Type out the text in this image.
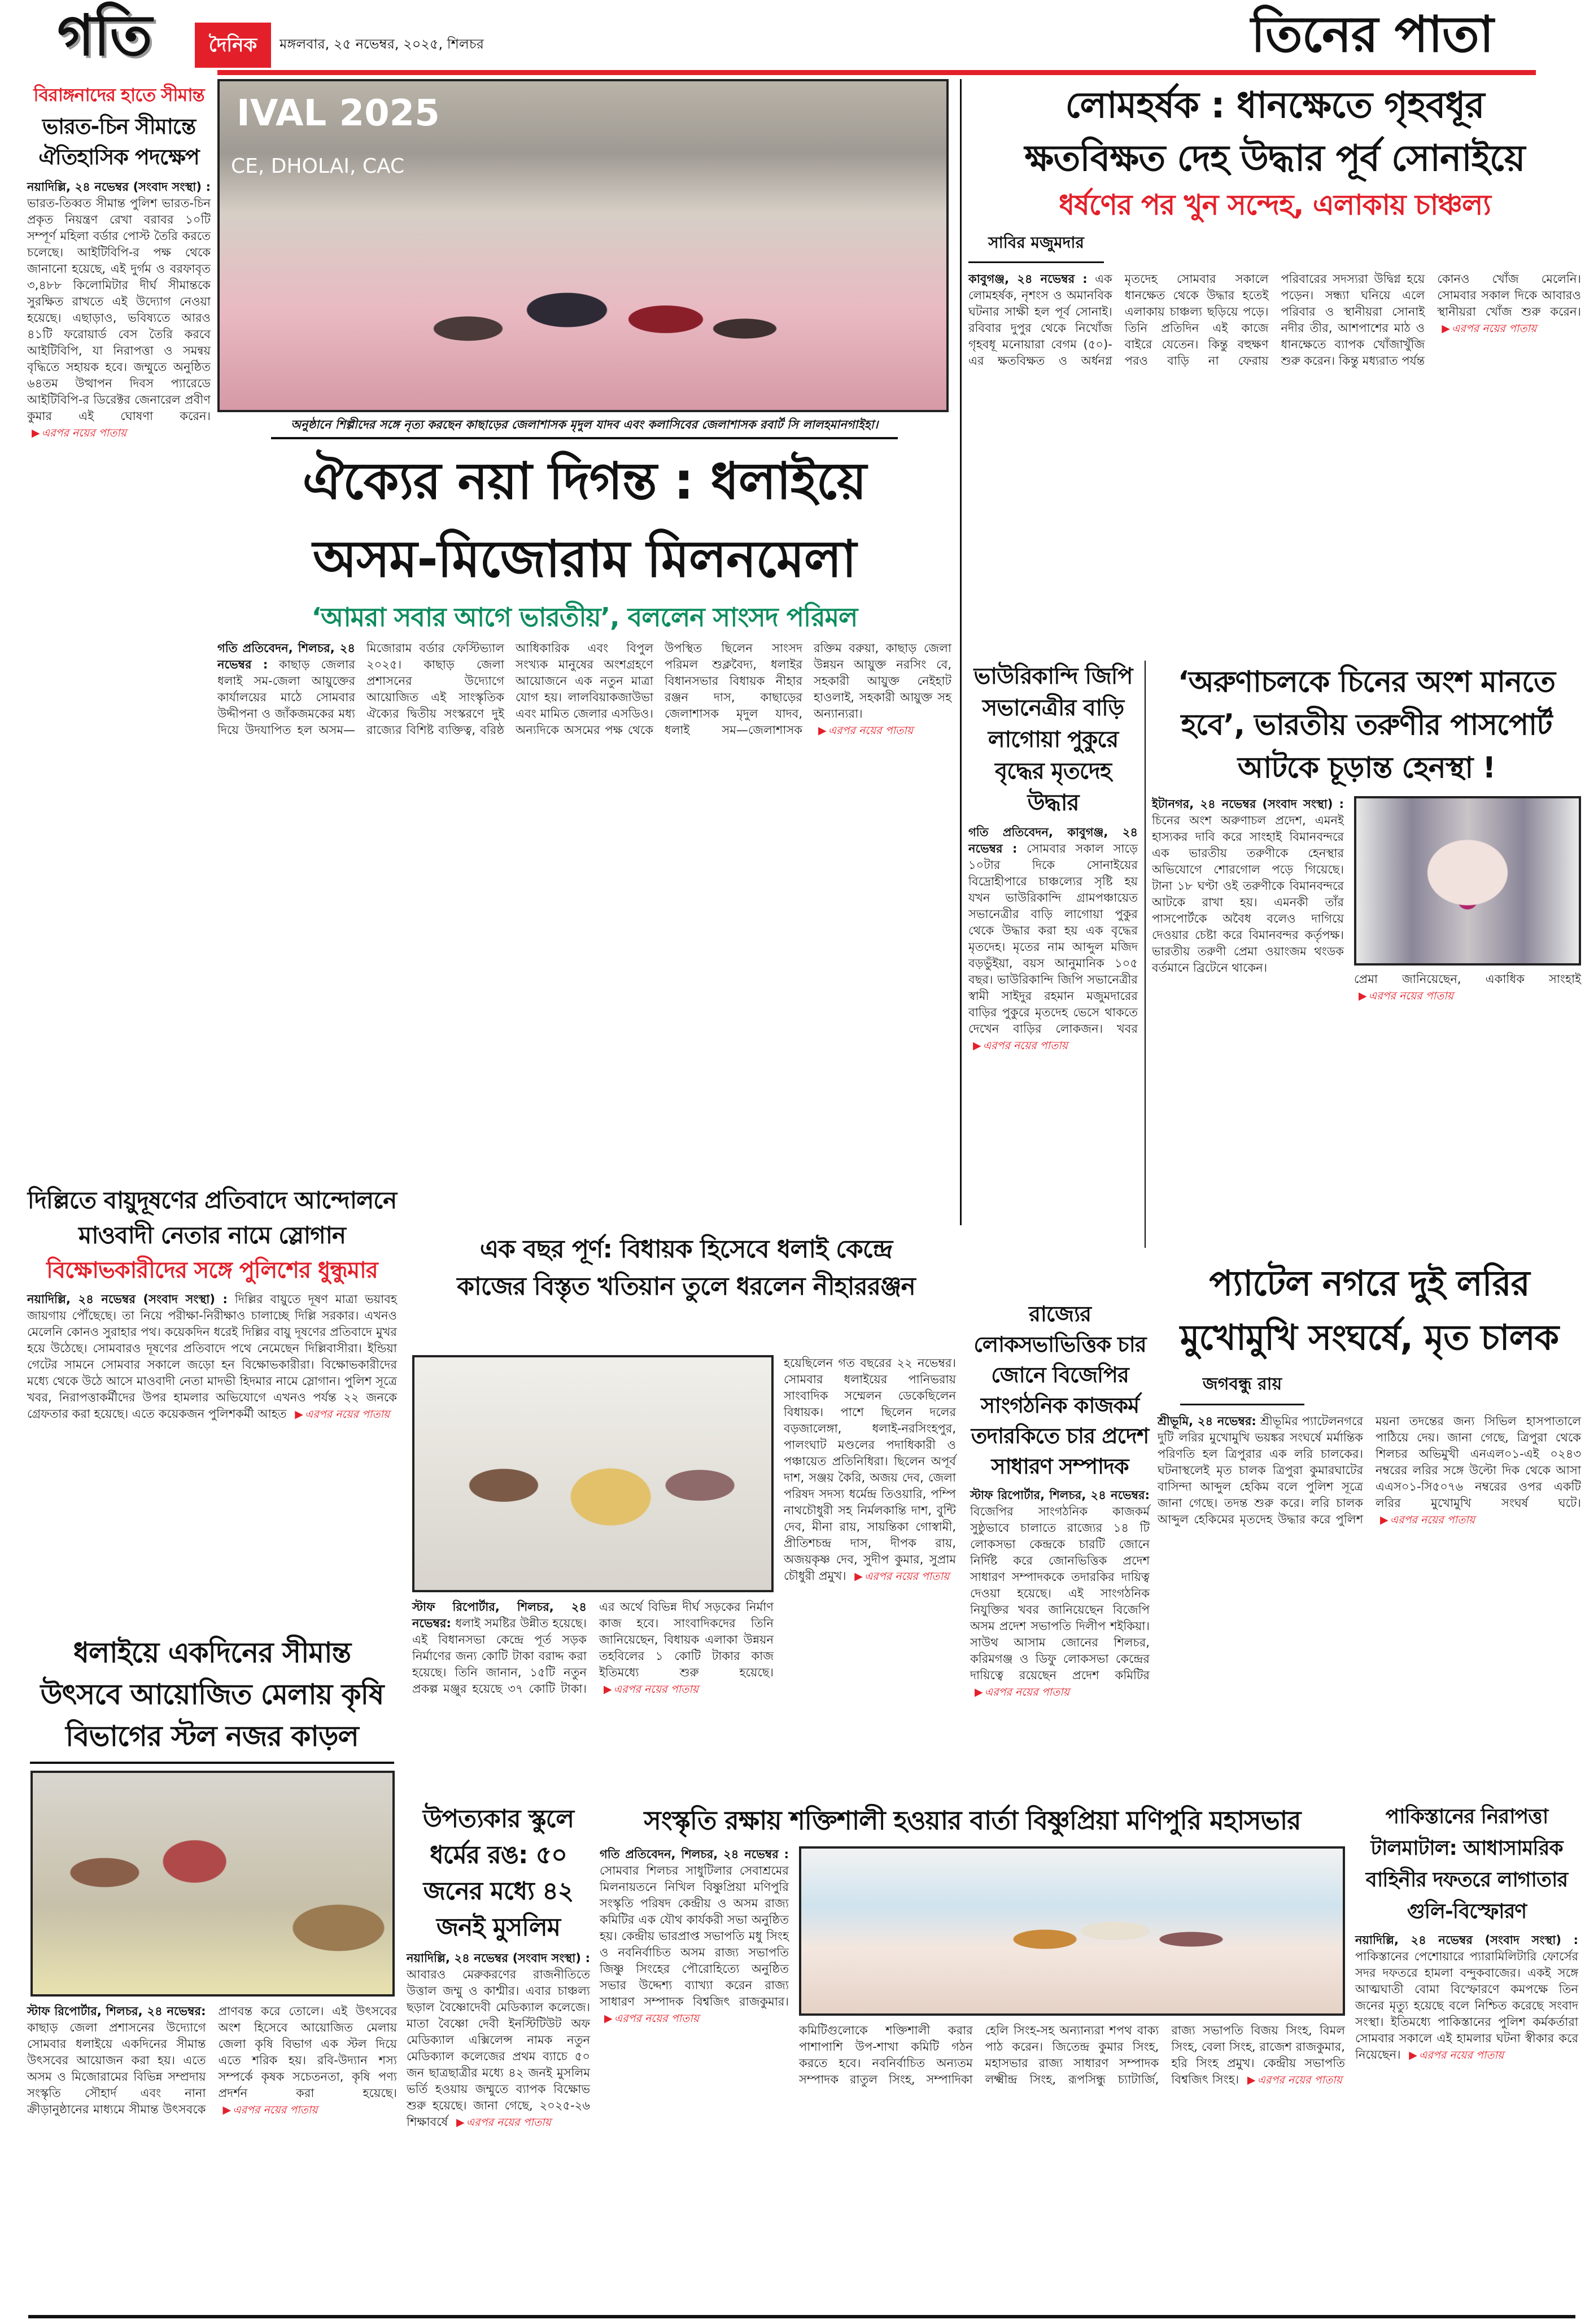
গতি	দৈনিক	মঙ্গলবার, ২৫ নভেম্বর, ২০২৫, শিলচর	তিনের পাতা
বিরাঙ্গনাদের হাতে সীমান্ত
ভারত-চিন সীমান্তে
ঐতিহাসিক পদক্ষেপ
নয়াদিল্লি, ২৪ নভেম্বর (সংবাদ সংস্থা) : ভারত-তিব্বত সীমান্ত পুলিশ ভারত-চিন প্রকৃত নিয়ন্ত্রণ রেখা বরাবর ১০টি সম্পূর্ণ মহিলা বর্ডার পোস্ট তৈরি করতে চলেছে। আইটিবিপি-র পক্ষ থেকে জানানো হয়েছে, এই দুর্গম ও বরফাবৃত ৩,৪৮৮ কিলোমিটার দীর্ঘ সীমান্তকে সুরক্ষিত রাখতে এই উদ্যোগ নেওয়া হয়েছে। এছাড়াও, ভবিষ্যতে আরও ৪১টি ফরোয়ার্ড বেস তৈরি করবে আইটিবিপি, যা নিরাপত্তা ও সমন্বয় বৃদ্ধিতে সহায়ক হবে। জম্মুতে অনুষ্ঠিত ৬৪তম উত্থাপন দিবস প্যারেডে আইটিবিপি-র ডিরেক্টর জেনারেল প্রবীণ কুমার এই ঘোষণা করেন। ▶ এরপর নয়ের পাতায়
IVAL 2025
CE, DHOLAI, CAC
অনুষ্ঠানে শিল্পীদের সঙ্গে নৃত্য করছেন কাছাড়ের জেলাশাসক মৃদুল যাদব এবং কলাসিবের জেলাশাসক রবার্ট সি লালহমানগাইহা।
ঐক্যের নয়া দিগন্ত : ধলাইয়ে
অসম-মিজোরাম মিলনমেলা
‘আমরা সবার আগে ভারতীয়’, বললেন সাংসদ পরিমল
গতি প্রতিবেদন, শিলচর, ২৪ নভেম্বর : কাছাড় জেলার ধলাই সম-জেলা আয়ুক্তের কার্যালয়ের মাঠে সোমবার উদ্দীপনা ও জাঁকজমকের মধ্য দিয়ে উদযাপিত হল অসম—মিজোরাম বর্ডার ফেস্টিভ্যাল ২০২৫। কাছাড় জেলা প্রশাসনের উদ্যোগে আয়োজিত এই সাংস্কৃতিক ঐক্যের দ্বিতীয় সংস্করণে দুই রাজ্যের বিশিষ্ট ব্যক্তিত্ব, বরিষ্ঠ আধিকারিক এবং বিপুল সংখ্যক মানুষের অংশগ্রহণে আয়োজনে এক নতুন মাত্রা যোগ হয়। লালবিয়াকজাউভা এবং মামিত জেলার এসডিও। অন্যদিকে অসমের পক্ষ থেকে উপস্থিত ছিলেন সাংসদ পরিমল শুক্লবৈদ্য, ধলাইর বিধানসভার বিধায়ক নীহার রঞ্জন দাস, কাছাড়ের জেলাশাসক মৃদুল যাদব, ধলাই সম—জেলাশাসক রক্তিম বরুয়া, কাছাড় জেলা উন্নয়ন আয়ুক্ত নরসিং বে, সহকারী আয়ুক্ত নেইহাট হাওলাই, সহকারী আয়ুক্ত সহ অন্যান্যরা। ▶ এরপর নয়ের পাতায়
লোমহর্ষক : ধানক্ষেতে গৃহবধূর
ক্ষতবিক্ষত দেহ উদ্ধার পূর্ব সোনাইয়ে
ধর্ষণের পর খুন সন্দেহ, এলাকায় চাঞ্চল্য
সাবির মজুমদার
কাবুগঞ্জ, ২৪ নভেম্বর : এক লোমহর্ষক, নৃশংস ও অমানবিক ঘটনার সাক্ষী হল পূর্ব সোনাই। রবিবার দুপুর থেকে নিখোঁজ গৃহবধূ মনোয়ারা বেগম (৫০)-এর ক্ষতবিক্ষত ও অর্ধনগ্ন মৃতদেহ সোমবার সকালে ধানক্ষেত থেকে উদ্ধার হতেই এলাকায় চাঞ্চল্য ছড়িয়ে পড়ে। তিনি প্রতিদিন এই কাজে বাইরে যেতেন। কিন্তু বহুক্ষণ পরও বাড়ি না ফেরায় পরিবারের সদস্যরা উদ্বিগ্ন হয়ে পড়েন। সন্ধ্যা ঘনিয়ে এলে পরিবার ও স্থানীয়রা সোনাই নদীর তীর, আশপাশের মাঠ ও ধানক্ষেতে ব্যাপক খোঁজাখুঁজি শুরু করেন। কিন্তু মধ্যরাত পর্যন্ত কোনও খোঁজ মেলেনি। সোমবার সকাল দিকে আবারও স্থানীয়রা খোঁজ শুরু করেন। ▶ এরপর নয়ের পাতায়
ভাউরিকান্দি জিপি সভানেত্রীর বাড়ি লাগোয়া পুকুরে বৃদ্ধের মৃতদেহ উদ্ধার
গতি প্রতিবেদন, কাবুগঞ্জ, ২৪ নভেম্বর : সোমবার সকাল সাড়ে ১০টার দিকে সোনাইয়ের বিদ্রোহীপারে চাঞ্চল্যের সৃষ্টি হয় যখন ভাউরিকান্দি গ্রামপঞ্চায়েত সভানেত্রীর বাড়ি লাগোয়া পুকুর থেকে উদ্ধার করা হয় এক বৃদ্ধের মৃতদেহ। মৃতের নাম আব্দুল মজিদ বড়ভুঁইয়া, বয়স আনুমানিক ১০৫ বছর। ভাউরিকান্দি জিপি সভানেত্রীর স্বামী সাইদুর রহমান মজুমদারের বাড়ির পুকুরে মৃতদেহ ভেসে থাকতে দেখেন বাড়ির লোকজন। খবর ▶ এরপর নয়ের পাতায়
‘অরুণাচলকে চিনের অংশ মানতে হবে’, ভারতীয় তরুণীর পাসপোর্ট আটকে চূড়ান্ত হেনস্থা !
ইটানগর, ২৪ নভেম্বর (সংবাদ সংস্থা) : চিনের অংশ অরুণাচল প্রদেশ, এমনই হাস্যকর দাবি করে সাংহাই বিমানবন্দরে এক ভারতীয় তরুণীকে হেনস্থার অভিযোগে শোরগোল পড়ে গিয়েছে। টানা ১৮ ঘণ্টা ওই তরুণীকে বিমানবন্দরে আটকে রাখা হয়। এমনকী তাঁর পাসপোর্টকে অবৈধ বলেও দাগিয়ে দেওয়ার চেষ্টা করে বিমানবন্দর কর্তৃপক্ষ। ভারতীয় তরুণী প্রেমা ওয়াংজম থংডক বর্তমানে ব্রিটেনে থাকেন।
প্রেমা জানিয়েছেন, একাধিক সাংহাই ▶ এরপর নয়ের পাতায়
প্যাটেল নগরে দুই লরির
মুখোমুখি সংঘর্ষে, মৃত চালক
জগবন্ধু রায়
শ্রীভূমি, ২৪ নভেম্বর: শ্রীভূমির প্যাটেলনগরে দুটি লরির মুখোমুখি ভয়ঙ্কর সংঘর্ষে মর্মান্তিক পরিণতি হল ত্রিপুরার এক লরি চালকের। ঘটনাস্থলেই মৃত চালক ত্রিপুরা কুমারঘাটের বাসিন্দা আব্দুল হেকিম বলে পুলিশ সূত্রে জানা গেছে। তদন্ত শুরু করে। লরি চালক আব্দুল হেকিমের মৃতদেহ উদ্ধার করে পুলিশ ময়না তদন্তের জন্য সিভিল হাসপাতালে পাঠিয়ে দেয়। জানা গেছে, ত্রিপুরা থেকে শিলচর অভিমুখী এনএল০১-এই ০২৪৩ নম্বরের লরির সঙ্গে উল্টো দিক থেকে আসা এএস০১-সি৫০৭৬ নম্বরের ওপর একটি লরির মুখোমুখি সংঘর্ষ ঘটে। ▶ এরপর নয়ের পাতায়
রাজ্যের লোকসভাভিত্তিক চার জোনে বিজেপির সাংগঠনিক কাজকর্ম তদারকিতে চার প্রদেশ সাধারণ সম্পাদক
স্টাফ রিপোর্টার, শিলচর, ২৪ নভেম্বর: বিজেপির সাংগঠনিক কাজকর্ম সুষ্ঠুভাবে চালাতে রাজ্যের ১৪ টি লোকসভা কেন্দ্রকে চারটি জোনে নির্দিষ্ট করে জোনভিত্তিক প্রদেশ সাধারণ সম্পাদককে তদারকির দায়িত্ব দেওয়া হয়েছে। এই সাংগঠনিক নিযুক্তির খবর জানিয়েছেন বিজেপি অসম প্রদেশ সভাপতি দিলীপ শইকিয়া। সাউথ আসাম জোনের শিলচর, করিমগঞ্জ ও ডিফু লোকসভা কেন্দ্রের দায়িত্বে রয়েছেন প্রদেশ কমিটির ▶ এরপর নয়ের পাতায়
দিল্লিতে বায়ুদূষণের প্রতিবাদে আন্দোলনে
মাওবাদী নেতার নামে স্লোগান
বিক্ষোভকারীদের সঙ্গে পুলিশের ধুন্ধুমার
নয়াদিল্লি, ২৪ নভেম্বর (সংবাদ সংস্থা) : দিল্লির বায়ুতে দূষণ মাত্রা ভয়াবহ জায়গায় পৌঁছেছে। তা নিয়ে পরীক্ষা-নিরীক্ষাও চালাচ্ছে দিল্লি সরকার। এখনও মেলেনি কোনও সুরাহার পথ। কয়েকদিন ধরেই দিল্লির বায়ু দূষণের প্রতিবাদে মুখর হয়ে উঠেছে। সোমবারও দূষণের প্রতিবাদে পথে নেমেছেন দিল্লিবাসীরা। ইন্ডিয়া গেটের সামনে সোমবার সকালে জড়ো হন বিক্ষোভকারীরা। বিক্ষোভকারীদের মধ্যে থেকে উঠে আসে মাওবাদী নেতা মাদভী হিদমার নামে স্লোগান। পুলিশ সূত্রে খবর, নিরাপত্তাকর্মীদের উপর হামলার অভিযোগে এখনও পর্যন্ত ২২ জনকে গ্রেফতার করা হয়েছে। এতে কয়েকজন পুলিশকর্মী আহত ▶ এরপর নয়ের পাতায়
এক বছর পূর্ণ: বিধায়ক হিসেবে ধলাই কেন্দ্রে
কাজের বিস্তৃত খতিয়ান তুলে ধরলেন নীহাররঞ্জন
স্টাফ রিপোর্টার, শিলচর, ২৪ নভেম্বর: ধলাই সমষ্টির উন্নীত হয়েছে। এই বিধানসভা কেন্দ্রে পূর্ত সড়ক নির্মাণের জন্য কোটি টাকা বরাদ্দ করা হয়েছে। তিনি জানান, ১৫টি নতুন প্রকল্প মঞ্জুর হয়েছে ৩৭ কোটি টাকা। এর অর্থে বিভিন্ন দীর্ঘ সড়কের নির্মাণ কাজ হবে। সাংবাদিকদের তিনি জানিয়েছেন, বিধায়ক এলাকা উন্নয়ন তহবিলের ১ কোটি টাকার কাজ ইতিমধ্যে শুরু হয়েছে। ▶ এরপর নয়ের পাতায়
হয়েছিলেন গত বছরের ২২ নভেম্বর। সোমবার ধলাইয়ের পানিভরায় সাংবাদিক সম্মেলন ডেকেছিলেন বিধায়ক। পাশে ছিলেন দলের বড়জালেঙ্গা, ধলাই-নরসিংহপুর, পালংঘাট মণ্ডলের পদাধিকারী ও পঞ্চায়েত প্রতিনিধিরা। ছিলেন অপূর্ব দাশ, সঞ্জয় কৈরি, অজয় দেব, জেলা পরিষদ সদস্য ধর্মেন্দ্র তিওয়ারি, পম্পি নাথচৌধুরী সহ নির্মলকান্তি দাশ, বুন্টি দেব, মীনা রায়, সায়ন্তিকা গোস্বামী, প্রীতিশচন্দ্র দাস, দীপক রায়, অজয়কৃষ্ণ দেব, সুদীপ কুমার, সুপ্রাম চৌধুরী প্রমুখ। ▶ এরপর নয়ের পাতায়
ধলাইয়ে একদিনের সীমান্ত
উৎসবে আয়োজিত মেলায় কৃষি
বিভাগের স্টল নজর কাড়ল
স্টাফ রিপোর্টার, শিলচর, ২৪ নভেম্বর: কাছাড় জেলা প্রশাসনের উদ্যোগে সোমবার ধলাইয়ে একদিনের সীমান্ত উৎসবের আয়োজন করা হয়। এতে অসম ও মিজোরামের বিভিন্ন সম্প্রদায় সংস্কৃতি সৌহার্দ এবং নানা ক্রীড়ানুষ্ঠানের মাধ্যমে সীমান্ত উৎসবকে প্রাণবন্ত করে তোলে। এই উৎসবের অংশ হিসেবে আয়োজিত মেলায় জেলা কৃষি বিভাগ এক স্টল দিয়ে এতে শরিক হয়। রবি-উদ্যান শস্য সম্পর্কে কৃষক সচেতনতা, কৃষি পণ্য প্রদর্শন করা হয়েছে। ▶ এরপর নয়ের পাতায়
উপত্যকার স্কুলে ধর্মের রঙ: ৫০ জনের মধ্যে ৪২ জনই মুসলিম
নয়াদিল্লি, ২৪ নভেম্বর (সংবাদ সংস্থা) : আবারও মেরুকরণের রাজনীতিতে উত্তাল জম্মু ও কাশ্মীর। এবার চাঞ্চল্য ছড়াল বৈষ্ণোদেবী মেডিক্যাল কলেজে। মাতা বৈষ্ণো দেবী ইনস্টিটিউট অফ মেডিক্যাল এক্সিলেন্স নামক নতুন মেডিক্যাল কলেজের প্রথম ব্যাচে ৫০ জন ছাত্রছাত্রীর মধ্যে ৪২ জনই মুসলিম ভর্তি হওয়ায় জম্মুতে ব্যাপক বিক্ষোভ শুরু হয়েছে। জানা গেছে, ২০২৫-২৬ শিক্ষাবর্ষে ▶ এরপর নয়ের পাতায়
সংস্কৃতি রক্ষায় শক্তিশালী হওয়ার বার্তা বিষ্ণুপ্রিয়া মণিপুরি মহাসভার
গতি প্রতিবেদন, শিলচর, ২৪ নভেম্বর : সোমবার শিলচর সাধুটিলার সেবাশ্রমের মিলনায়তনে নিখিল বিষ্ণুপ্রিয়া মণিপুরি সংস্কৃতি পরিষদ কেন্দ্রীয় ও অসম রাজ্য কমিটির এক যৌথ কার্যকরী সভা অনুষ্ঠিত হয়। কেন্দ্রীয় ভারপ্রাপ্ত সভাপতি মধু সিংহ ও নবনির্বাচিত অসম রাজ্য সভাপতি জিষ্ণু সিংহের পৌরোহিত্যে অনুষ্ঠিত সভার উদ্দেশ্য ব্যাখ্যা করেন রাজ্য সাধারণ সম্পাদক বিশ্বজিৎ রাজকুমার। ▶ এরপর নয়ের পাতায়
কমিটিগুলোকে শক্তিশালী করার পাশাপাশি উপ-শাখা কমিটি গঠন করতে হবে। নবনির্বাচিত অন্যতম সম্পাদক রাতুল সিংহ, সম্পাদিকা হেলি সিংহ-সহ অন্যান্যরা শপথ বাক্য পাঠ করেন। জিতেন্দ্র কুমার সিংহ, মহাসভার রাজ্য সাধারণ সম্পাদক লক্ষ্মীন্দ্র সিংহ, রূপসিন্ধু চ্যাটার্জি, রাজ্য সভাপতি বিজয় সিংহ, বিমল সিংহ, বেলা সিংহ, রাজেশ রাজকুমার, হরি সিংহ প্রমুখ। কেন্দ্রীয় সভাপতি বিশ্বজিৎ সিংহ। ▶ এরপর নয়ের পাতায়
পাকিস্তানের নিরাপত্তা
টালমাটাল: আধাসামরিক
বাহিনীর দফতরে লাগাতার
গুলি-বিস্ফোরণ
নয়াদিল্লি, ২৪ নভেম্বর (সংবাদ সংস্থা) : পাকিস্তানের পেশোয়ারে প্যারামিলিটারি ফোর্সের সদর দফতরে হামলা বন্দুকবাজের। একই সঙ্গে আত্মঘাতী বোমা বিস্ফোরণে কমপক্ষে তিন জনের মৃত্যু হয়েছে বলে নিশ্চিত করেছে সংবাদ সংস্থা। ইতিমধ্যে পাকিস্তানের পুলিশ কর্মকর্তারা সোমবার সকালে এই হামলার ঘটনা স্বীকার করে নিয়েছেন। ▶ এরপর নয়ের পাতায়
